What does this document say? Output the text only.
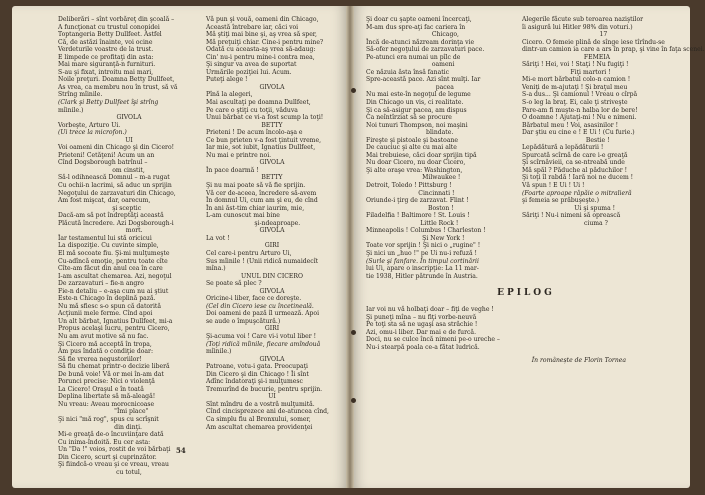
Deliberări – sînt vorbăreţ din şcoală –
A funcţionat cu trustul conopidei
Toptangeria Betty Dullfeet. Astfel
Că, de astăzi înainte, voi ocine
Verdeturile voastre de la trust.
E limpede ce profitaţi din asta:
Mai mare siguranţă-n furnituri.
S-au şi fixat, introitu mai mari,
Noile preţuri. Doamna Betty Dullfeet,
As vrea, ca membru nou în trust, să vă
Strîng mîinile.
(Clark şi Betty Dullfeet îşi strîng
mîinile.)
GIVOLA
Vorbeşte, Arturo Ui.
(Ui trece la microfon.)
UI
Voi oameni din Chicago şi din Cicero!
Prieteni! Cetăţeni! Acum un an
Cînd Dogsborough batrînul –
om cinstit,
Să-l odihnească Domnul – m-a rugat
Cu ochii-n lacrimi, să aduc un sprijin
Negoţului de zarzavaturi din Chicago,
Am fost mişcat, dar, oarecum,
şi sceptic
Dacă-am să pot îndreptăţi această
Plăcută încredere. Azi Dogsborough-i
mort.
Îar testamentul lui stă oricicui
La dispoziţie. Cu cuvinte simple,
El mă socoate fiu. Şi-mi mulţumeşte
Cu-adîncă emoţie, pentru toate cîte
Cîte-am făcut din anul cea în care
I-am ascultat chemarea. Azi, negoţul
De zarzavaturi – fie-n angro
Fie-n detaliu – e-aşa cum nu ai ştiut
Este-n Chicago în deplină pază.
Nu mă sfiesc s-o spun că datorită
Acţiunii mele ferme. Cînd apoi
Un alt bărbat, Ignatius Dullfeet, mi-a
Propus acelaşi lucru, pentru Cicero,
Nu am avut motive să nu fac.
Şi Cicero mă acceptă în tropa,
Am pus îndată o condiţie doar:
Să fie vrerea negustoriilor!
Să fiu chemat printr-o decizie liberă
De bună voie! Vă or mei în-am dat
Porunci precise: Nici o violenţă
La Cicero! Oraşul e în toată
Deplina libertate să mă-aleagă!
Nu vreau: Aveau morocnicoase
"Îmi place"
Şi nici "mă rog", spus cu scrîşnit
din dinţi.
Mi-e greaţă de-o încuviinţare dată
Cu inima-îndoită. Eu cer asta:
Un "Da !" voios, rostit de voi bărbaţi
Din Cicero, scurt şi cuprinzător.
Şi fiindcă-o vreau şi ce vreau, vreau
cu totul,
Vă pun şi vouă, oameni din Chicago,
Această întrebare iar, căci voi
Mă ştiţi mai bine şi, aş vrea să sper,
Mă preţuiţi chiar. Cine-i pentru mine?
Odată cu aceasta-aş vrea să-adaug:
Cin' nu-i pentru mine-i contra mea,
Şi singur va avea de suportat
Urmările poziţiei lui. Acum.
Puteţi alege !
GIVOLA
Pînă la alegeri,
Mai ascultaţi pe doamna Dullfeet,
Pe care o ştiţi cu toţii, văduva
Unui bărbat ce vi-a fost scump la toţi!
BETTY
Prieteni ! De acum încolo-aşa e
Ce bun prieten v-a fost ţintuit vreme,
Iar mie, sot iubit, Ignatius Dullfeet,
Nu mai e printre noi.
GIVOLA
În pace doarmă !
BETTY
Şi nu mai poate să vă fie sprijin.
Vă cer de-aceea, încredere să-avem
În domnul Ui, cum am şi eu, de cînd
În ani ăst-tim chiar iaurim, mie,
L-am cunoscut mai bine
şi-ndeaproape.
GIVOLA
La vot !
GIRI
Cel care-i pentru Arturo Ui,
Sus mîinile ! (Unii ridică numaidecît
mîna.)
UNUL DIN CICERO
Se poate să plec ?
GIVOLA
Oricine-i liber, face ce doreşte.
(Cel din Cicero iese cu încetineală.
Doi oameni de pază îl urmează. Apoi
se aude o împuşcătură.)
GIRI
Şi-acuma voi ! Care vi-i votul liber !
(Toţi ridică mîinile, fiecare amîndouă
mîinile.)
GIVOLA
Patroane, votu-i gata. Preocupaţi
Din Cicero şi din Chicago ! Îi sînt
Adînc îndatoraţi şi-i mulţumesc
Tremurînd de bucurie, pentru sprijin.
UI
Sînt mîndru de a vostră mulţumită.
Cînd cincisprezece ani de-atuncea cînd,
Ca simplu fiu al Bronxului, somer,
Am ascultat chemarea providenţei
Şi doar cu şapte oameni încercaţi,
M-am dus spre-aţi fac cariera în
Chicago,
Încă de-atunci năzream dorinţa vie
Să-ofer negoţului de zarzavaturi pace.
Pe-atunci era numai un pîlc de
oameni
Ce năzuia ăsta însă fanatic
Spre-această pace. Azi sînt mulţi. Iar
pacea
Nu mai este-în negoţul de legume
Din Chicago un vis, ci realitate.
Şi ca să-asigur pacea, am dispus
Ca neîntîrziat să se procure
Noi tunuri Thompson, noi maşini
blindate.
Fireşte şi pistoale şi bastoane
De cauciuc şi alte cu mai alte
Mai trebuiese, căci doar sprijin tipă
Nu doar Cicero, nu doar Cicero,
Şi alte oraşe vrea: Washington,
Milwaukee !
Detroit, Toledo ! Pittsburg !
Cincinnati !
Oriunde-i ţirg de zarzavat. Flint !
Boston !
Filadelfia ! Baltimore ! St. Louis !
Little Rock !
Minneapolis ! Columbus ! Charleston !
Şi New York !
Toate vor sprijin ! Şi nici o „rugine" !
Şi nici un „huo !" pe Ui nu-i refuză !
(Surle şi fanfare. În timpul cortinării
lui Ui, apare o inscripţie: La 11 mar-
tie 1938, Hitler pătrunde în Austria.
Alegerile făcute sub teroarea naziştilor
îi asigură lui Hitler 98% din voturi.)
17
Cicero. O femeie plină de sînge iese tîrîndu-se
dintr-un camion ia care a ars în prap, şi vine în faţa scenei.
FEMEIA
Săriţi ! Hei, voi ! Staţi ! Nu fugiţi !
Fiţi martori !
Mi-e mort bărbatul colo-n camion !
Veniţi de m-ajutaţi ! Şi braţul meu
S-a dus... Şi camionul ! Vreau o cîrpă
S-o leg la braţ. Ei, cale ţi striveşte
Pare-am fi muşte-n halba lor de bere!
O doamne ! Ajutaţi-mi ! Nu e nimeni.
Bărbatul meu ! Voi, asasinilor !
Dar ştiu eu cine e ! E Ui ! (Cu furie.)
Bestie !
Lepădătură a lepădăturii !
Spurcată scîrnă de care i-e greaţă
Şi scîrnăvieii, ca se-ntreabă unde
Mă spăl ? Păduche al păduchilor !
Şi toţi îl rabdă ! Iară noi ne ducem !
Vă spun ! E Ui ! Ui !
(Foarte aproape răpăie o mitralieră
şi femeia se prăbuşeşte.)
Ui şi spuma !
Săriţi ! Nu-i nimeni să oprească
ciuma ?
54
EPILOG
Iar voi nu vă holbaţi doar – fiţi de veghe !
Şi puneţi mîna – nu fiţi vorbe-neuvă
Pe toţi sta să ne ugaşi asa străchie !
Azi, omu-i liber. Dar mai e de furcă.
Doci, nu se culce încă nimeni pe-o ureche –
Nu-i stearpă poala ce-a fătat ludrică.
În românește de Florin Tornea
